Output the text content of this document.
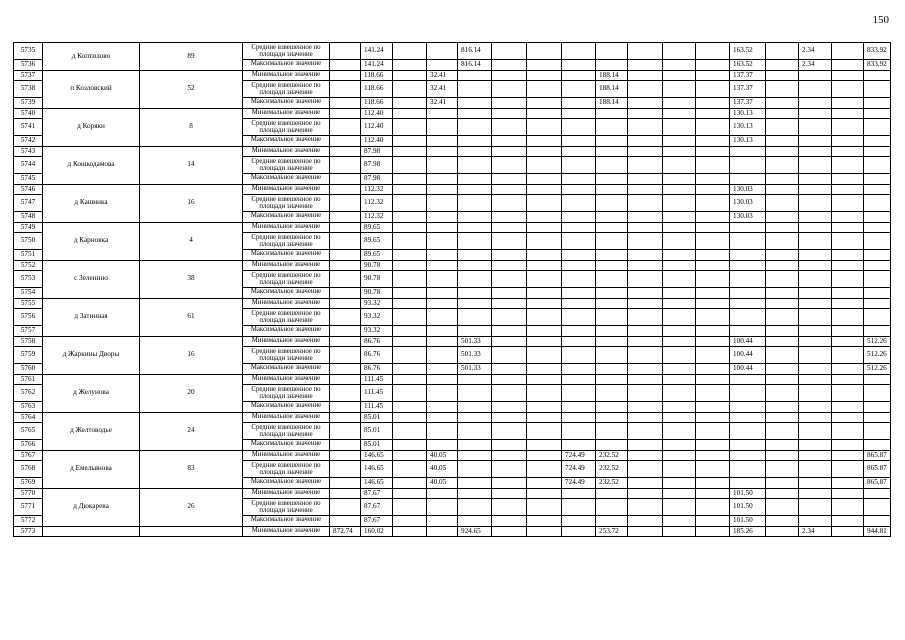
150
5735	д Коптилово	89	Средние взвешенное по площади значение		141.24			816.14								163.52		2.34		833.92
5736			Максимальное значение		141.24			816.14								163.52		2.34		833.92
5737	п Козловский	52	Минимальное значение		118.66		32.41					188.14				137.37				
5738			Средние взвешенное по площади значение		118.66		32.41					188.14				137.37				
5739			Максимальное значение		118.66		32.41					188.14				137.37				
5740	д Коряки	8	Минимальное значение		112.40											130.13				
5741			Средние взвешенное по площади значение		112.40											130.13				
5742			Максимальное значение		112.40											130.13				
5743	д Кошкодамова	14	Минимальное значение		87.98															
5744			Средние взвешенное по площади значение		87.98															
5745			Максимальное значение		87.98															
5746	д Кашинка	16	Минимальное значение		112.32											130.03				
5747			Средние взвешенное по площади значение		112.32											130.03				
5748			Максимальное значение		112.32											130.03				
5749	д Карновка	4	Минимальное значение		89.65															
5750			Средние взвешенное по площади значение		89.65															
5751			Максимальное значение		89.65															
5752	с Зеленино	38	Минимальное значение		90.78															
5753			Средние взвешенное по площади значение		90.78															
5754			Максимальное значение		90.78															
5755	д Затинная	61	Минимальное значение		93.32															
5756			Средние взвешенное по площади значение		93.32															
5757			Максимальное значение		93.32															
5758	д Жаркины Дворы	16	Минимальное значение		86.76			501.33								100.44				512.26
5759			Средние взвешенное по площади значение		86.76			501.33								100.44				512.26
5760			Максимальное значение		86.76			501.33								100.44				512.26
5761	д Желунова	20	Минимальное значение		111.45															
5762			Средние взвешенное по площади значение		111.45															
5763			Максимальное значение		111.45															
5764	д Желтоводье	24	Минимальное значение		85.01															
5765			Средние взвешенное по площади значение		85.01															
5766			Максимальное значение		85.01															
5767	д Емельянова	83	Минимальное значение		146.65		40.05				724.49	232.52								865.87
5768			Средние взвешенное по площади значение		146.65		40.05				724.49	232.52								865.87
5769			Максимальное значение		146.65		40.05				724.49	232.52								865.87
5770	д Дюкарева	26	Минимальное значение		87.67											101.50				
5771			Средние взвешенное по площади значение		87.67											101.50				
5772			Максимальное значение		87.67											101.50				
5773			Минимальное значение	872.74	160.02			924.65				253.72				185.26		2.34		944.81
